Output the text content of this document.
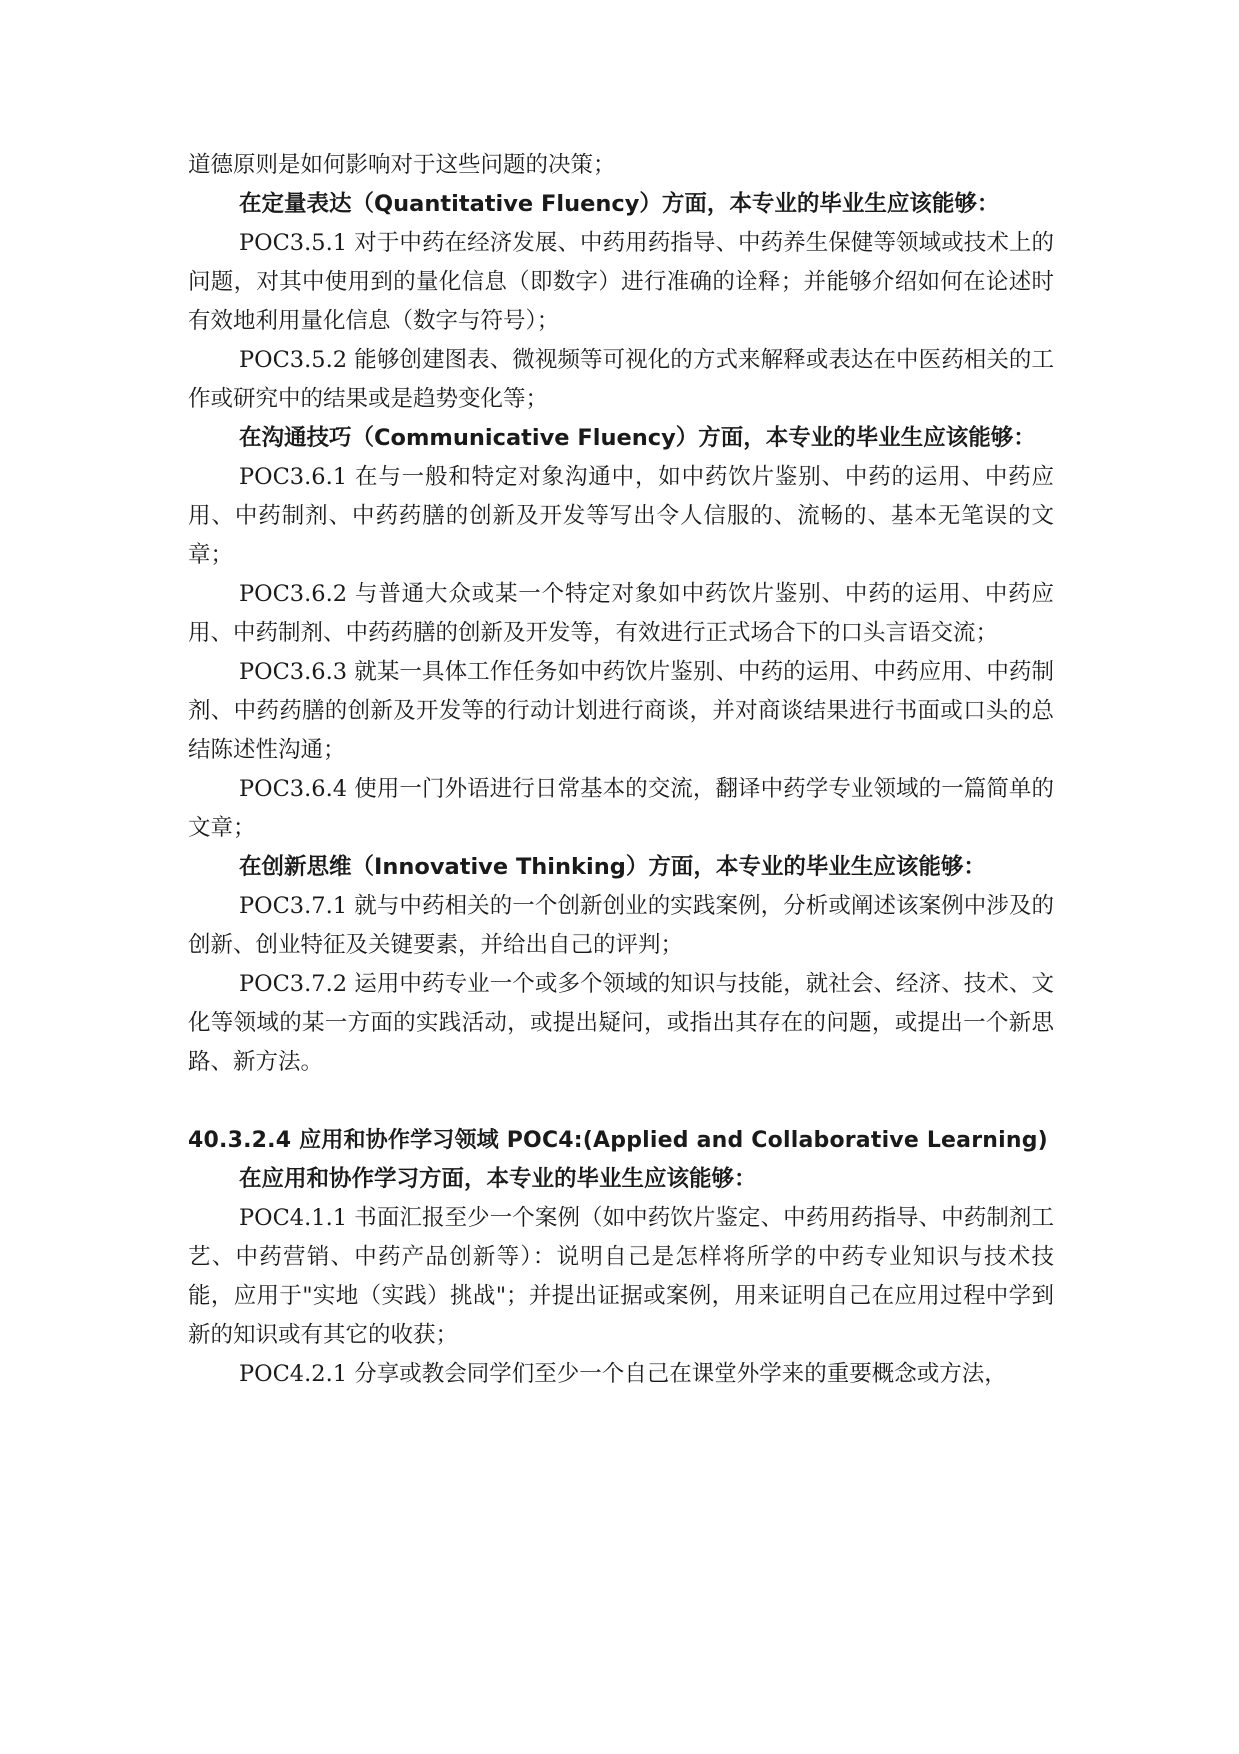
道德原则是如何影响对于这些问题的决策；

在定量表达（Quantitative Fluency）方面，本专业的毕业生应该能够：

POC3.5.1 对于中药在经济发展、中药用药指导、中药养生保健等领域或技术上的问题，对其中使用到的量化信息（即数字）进行准确的诠释；并能够介绍如何在论述时有效地利用量化信息（数字与符号）；

POC3.5.2 能够创建图表、微视频等可视化的方式来解释或表达在中医药相关的工作或研究中的结果或是趋势变化等；

在沟通技巧（Communicative Fluency）方面，本专业的毕业生应该能够：

POC3.6.1 在与一般和特定对象沟通中，如中药饮片鉴别、中药的运用、中药应用、中药制剂、中药药膳的创新及开发等写出令人信服的、流畅的、基本无笔误的文章；

POC3.6.2 与普通大众或某一个特定对象如中药饮片鉴别、中药的运用、中药应用、中药制剂、中药药膳的创新及开发等，有效进行正式场合下的口头言语交流；

POC3.6.3 就某一具体工作任务如中药饮片鉴别、中药的运用、中药应用、中药制剂、中药药膳的创新及开发等的行动计划进行商谈，并对商谈结果进行书面或口头的总结陈述性沟通；

POC3.6.4 使用一门外语进行日常基本的交流，翻译中药学专业领域的一篇简单的文章；

在创新思维（Innovative Thinking）方面，本专业的毕业生应该能够：

POC3.7.1 就与中药相关的一个创新创业的实践案例，分析或阐述该案例中涉及的创新、创业特征及关键要素，并给出自己的评判；

POC3.7.2 运用中药专业一个或多个领域的知识与技能，就社会、经济、技术、文化等领域的某一方面的实践活动，或提出疑问，或指出其存在的问题，或提出一个新思路、新方法。

40.3.2.4 应用和协作学习领域 POC4:(Applied and Collaborative Learning)

在应用和协作学习方面，本专业的毕业生应该能够：

POC4.1.1 书面汇报至少一个案例（如中药饮片鉴定、中药用药指导、中药制剂工艺、中药营销、中药产品创新等）：说明自己是怎样将所学的中药专业知识与技术技能，应用于"实地（实践）挑战"；并提出证据或案例，用来证明自己在应用过程中学到新的知识或有其它的收获；

POC4.2.1 分享或教会同学们至少一个自己在课堂外学来的重要概念或方法，
